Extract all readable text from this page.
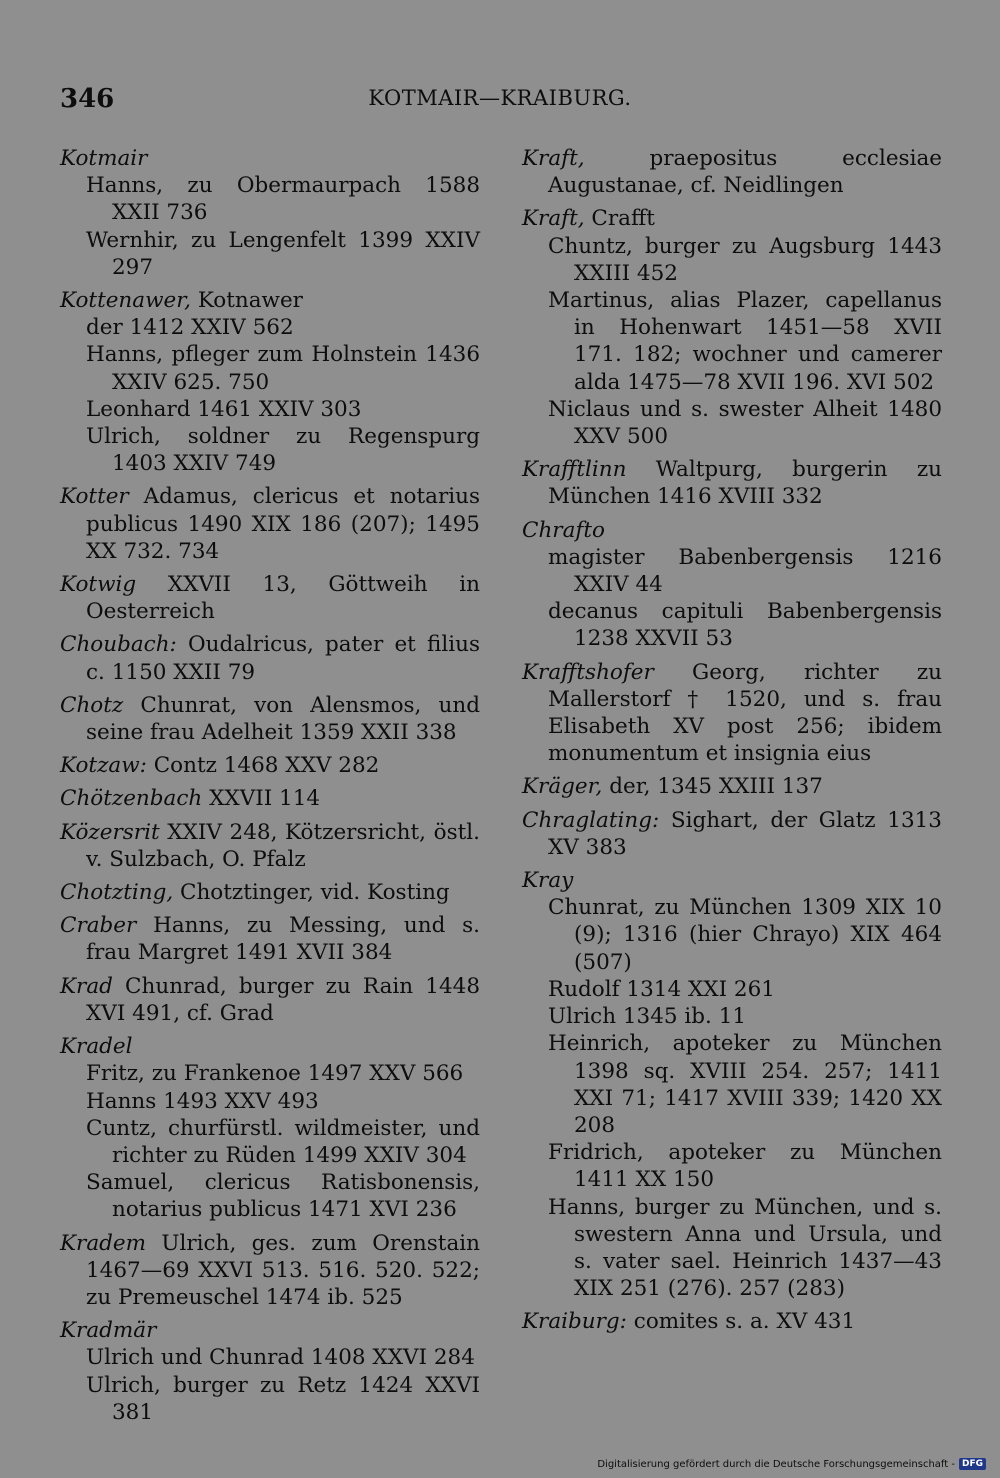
346	KOTMAIR—KRAIBURG.

Kotmair

Hanns, zu Obermaurpach 1588 XXII 736

Wernhir, zu Lengenfelt 1399 XXIV 297

Kottenawer, Kotnawer

der 1412 XXIV 562

Hanns, pfleger zum Holnstein 1436 XXIV 625. 750

Leonhard 1461 XXIV 303

Ulrich, soldner zu Regenspurg 1403 XXIV 749

Kotter Adamus, clericus et notarius publicus 1490 XIX 186 (207); 1495 XX 732. 734

Kotwig XXVII 13, Göttweih in Oesterreich

Choubach: Oudalricus, pater et filius c. 1150 XXII 79

Chotz Chunrat, von Alensmos, und seine frau Adelheit 1359 XXII 338

Kotzaw: Contz 1468 XXV 282

Chötzenbach XXVII 114

Közersrit XXIV 248, Kötzersricht, östl. v. Sulzbach, O. Pfalz

Chotzting, Chotztinger, vid. Kosting

Craber Hanns, zu Messing, und s. frau Margret 1491 XVII 384

Krad Chunrad, burger zu Rain 1448 XVI 491, cf. Grad

Kradel

Fritz, zu Frankenoe 1497 XXV 566

Hanns 1493 XXV 493

Cuntz, churfürstl. wildmeister, und richter zu Rüden 1499 XXIV 304

Samuel, clericus Ratisbonensis, notarius publicus 1471 XVI 236

Kradem Ulrich, ges. zum Orenstain 1467—69 XXVI 513. 516. 520. 522; zu Premeuschel 1474 ib. 525

Kradmär

Ulrich und Chunrad 1408 XXVI 284

Ulrich, burger zu Retz 1424 XXVI 381

Kraft, praepositus ecclesiae Augustanae, cf. Neidlingen

Kraft, Crafft

Chuntz, burger zu Augsburg 1443 XXIII 452

Martinus, alias Plazer, capellanus in Hohenwart 1451—58 XVII 171. 182; wochner und camerer alda 1475—78 XVII 196. XVI 502

Niclaus und s. swester Alheit 1480 XXV 500

Krafftlinn Waltpurg, burgerin zu München 1416 XVIII 332

Chrafto

magister Babenbergensis 1216 XXIV 44

decanus capituli Babenbergensis 1238 XXVII 53

Krafftshofer Georg, richter zu Mallerstorf † 1520, und s. frau Elisabeth XV post 256; ibidem monumentum et insignia eius

Kräger, der, 1345 XXIII 137

Chraglating: Sighart, der Glatz 1313 XV 383

Kray

Chunrat, zu München 1309 XIX 10 (9); 1316 (hier Chrayo) XIX 464 (507)

Rudolf 1314 XXI 261

Ulrich 1345 ib. 11

Heinrich, apoteker zu München 1398 sq. XVIII 254. 257; 1411 XXI 71; 1417 XVIII 339; 1420 XX 208

Fridrich, apoteker zu München 1411 XX 150

Hanns, burger zu München, und s. swestern Anna und Ursula, und s. vater sael. Heinrich 1437—43 XIX 251 (276). 257 (283)

Kraiburg: comites s. a. XV 431

Digitalisierung gefördert durch die Deutsche Forschungsgemeinschaft - DFG
